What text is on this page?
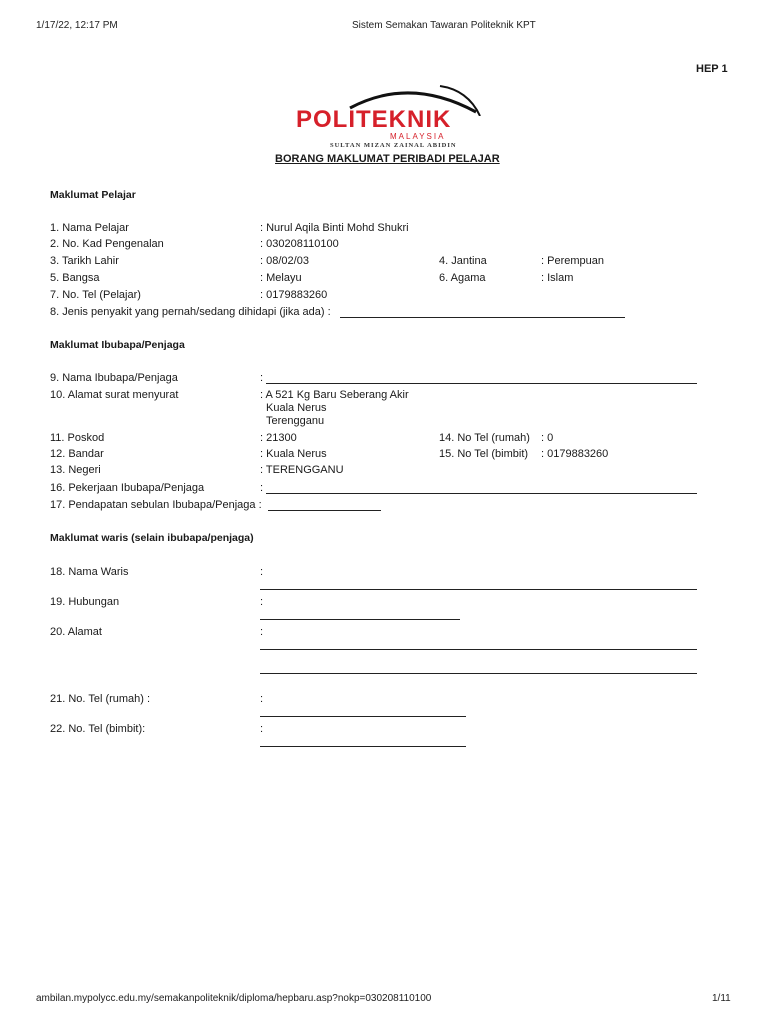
1/17/22, 12:17 PM	Sistem Semakan Tawaran Politeknik KPT
HEP 1
POLITEKNIK
MALAYSIA
SULTAN MIZAN ZAINAL ABIDIN
BORANG MAKLUMAT PERIBADI PELAJAR
Maklumat Pelajar
1. Nama Pelajar	: Nurul Aqila Binti Mohd Shukri
2. No. Kad Pengenalan	: 030208110100
3. Tarikh Lahir	: 08/02/03	4. Jantina	: Perempuan
5. Bangsa	: Melayu	6. Agama	: Islam
7. No. Tel (Pelajar)	: 0179883260
8. Jenis penyakit yang pernah/sedang dihidapi (jika ada) :
Maklumat Ibubapa/Penjaga
9. Nama Ibubapa/Penjaga	:
10. Alamat surat menyurat	: A 521 Kg Baru Seberang Akir
Kuala Nerus
Terengganu
11. Poskod	: 21300	14. No Tel (rumah) : 0
12. Bandar	: Kuala Nerus	15. No Tel (bimbit) : 0179883260
13. Negeri	: TERENGGANU
16. Pekerjaan Ibubapa/Penjaga	:
17. Pendapatan sebulan Ibubapa/Penjaga :
Maklumat waris (selain ibubapa/penjaga)
18. Nama Waris	:
19. Hubungan	:
20. Alamat	:
21. No. Tel (rumah) :	:
22. No. Tel (bimbit):	:
ambilan.mypolycc.edu.my/semakanpoliteknik/diploma/hepbaru.asp?nokp=030208110100	1/11
